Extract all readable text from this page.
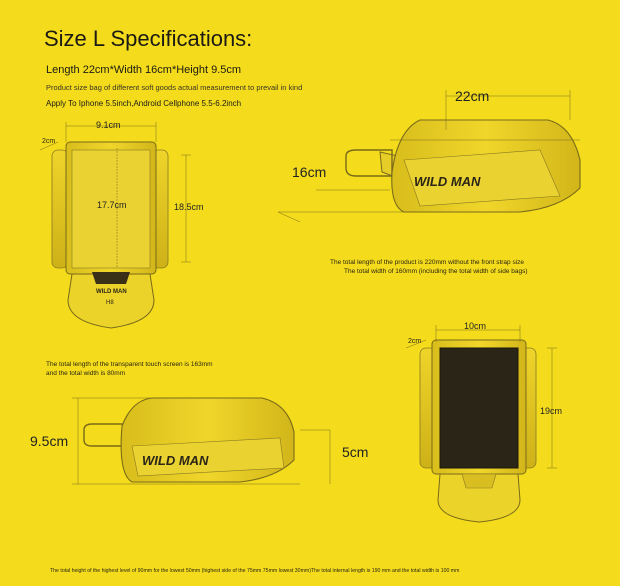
Size L Specifications:
Length 22cm*Width 16cm*Height 9.5cm
Product size bag of different soft goods actual measurement to prevail in kind
Apply To Iphone 5.5inch,Android Cellphone 5.5-6.2inch
9.1cm
2cm
17.7cm	18.5cm
WILD MAN
H8
22cm
16cm
WILD MAN
The total length of the product is 220mm without the front strap size
The total width of 160mm (including the total width of side bags)
The total length of the transparent touch screen is 163mm
and the total width is 80mm
9.5cm
5cm
WILD MAN
10cm
2cm
19cm
The total height of the highest level of 90mm for the lowest 50mm (highest side of the 75mm 75mm lowest 30mm)The total internal length is 190 mm and the total width is 100 mm
